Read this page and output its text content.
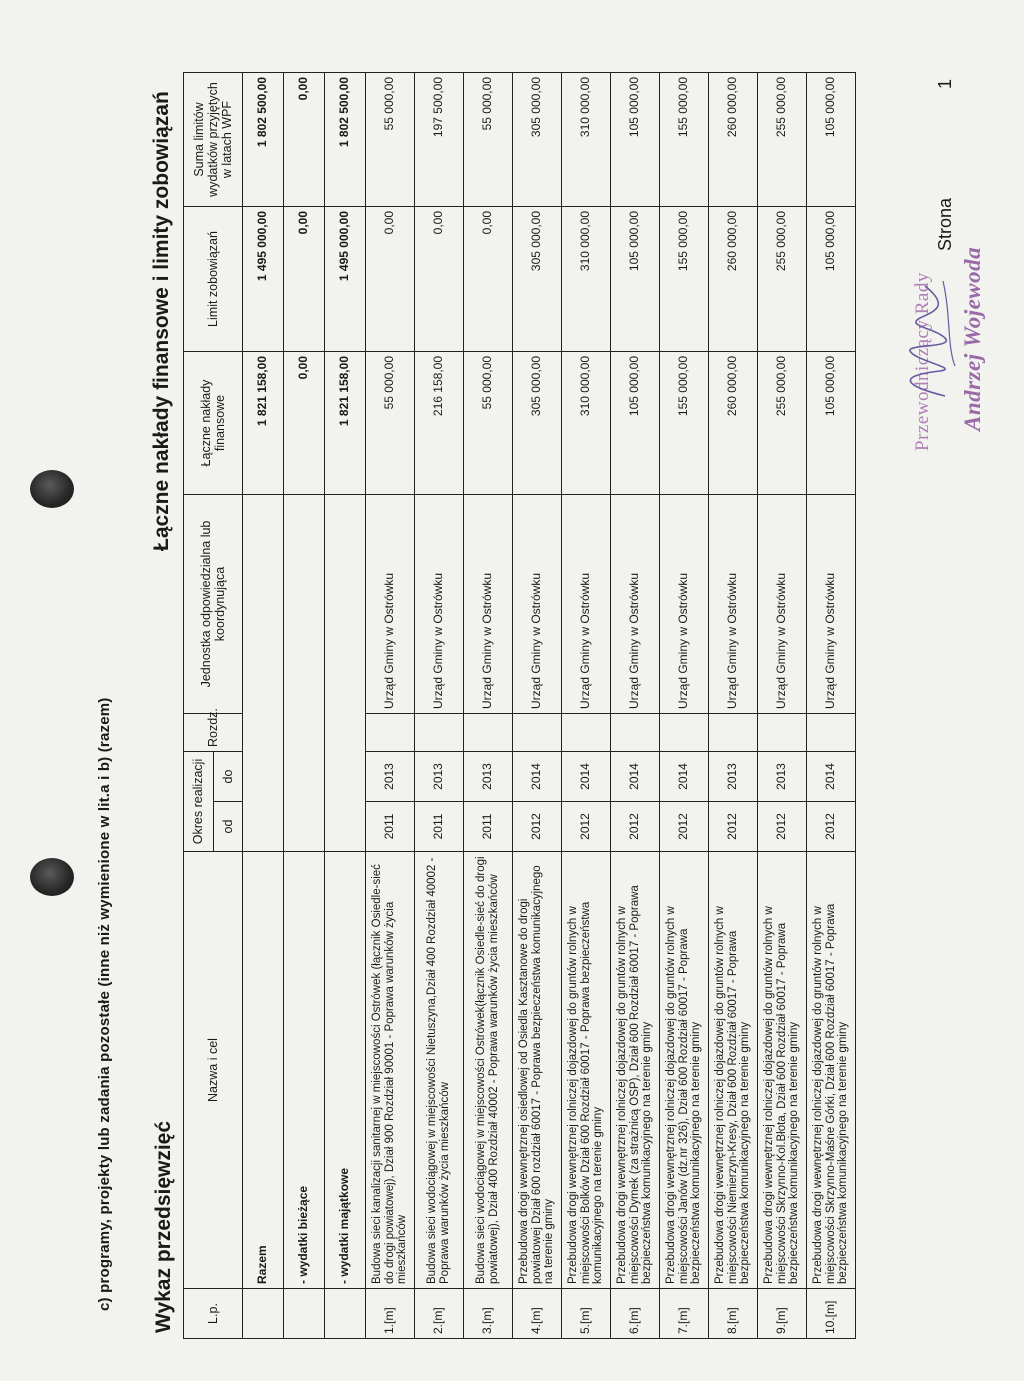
c) programy, projekty lub zadania pozostałe (inne niż wymienione w lit.a i b) (razem) Wykaz przedsięwzięć
Łączne nakłady finansowe i limity zobowiązań
L.p.	Nazwa i cel	Okres realizacji		Rozdz.	Jednostka odpowiedzialna lub koordynująca	Łączne nakłady finansowe	Limit zobowiązań	Suma limitów wydatków przyjętych w latach WPF
		od	do					
	Razem					1 821 158,00	1 495 000,00	1 802 500,00
	- wydatki bieżące					0,00	0,00	0,00
	- wydatki majątkowe					1 821 158,00	1 495 000,00	1 802 500,00
1.[m]	Budowa sieci kanalizacji sanitarnej w miejscowości Ostrówek (łącznik Osiedle-sieć do drogi powiatowej), Dział 900 Rozdział 90001 - Poprawa warunków życia mieszkańców	2011	2013		Urząd Gminy w Ostrówku	55 000,00	0,00	55 000,00
2.[m]	Budowa sieci wodociągowej w miejscowości Nietuszyna,Dział 400 Rozdział 40002 - Poprawa warunków życia mieszkańców	2011	2013		Urząd Gminy w Ostrówku	216 158,00	0,00	197 500,00
3.[m]	Budowa sieci wodociągowej w miejscowości Ostrówek(łącznik Osiedle-sieć do drogi powiatowej), Dział 400 Rozdział 40002 - Poprawa warunków życia mieszkańców	2011	2013		Urząd Gminy w Ostrówku	55 000,00	0,00	55 000,00
4.[m]	Przebudowa drogi wewnętrznej osiedlowej od Osiedla Kasztanowe do drogi powiatowej Dział 600 rozdział 60017 - Poprawa bezpieczeństwa komunikacyjnego na terenie gminy	2012	2014		Urząd Gminy w Ostrówku	305 000,00	305 000,00	305 000,00
5.[m]	Przebudowa drogi wewnętrznej rolniczej dojazdowej do gruntów rolnych w miejscowości Bolków Dział 600 Rozdział 60017 - Poprawa bezpieczeństwa komunikacyjnego na terenie gminy	2012	2014		Urząd Gminy w Ostrówku	310 000,00	310 000,00	310 000,00
6.[m]	Przebudowa drogi wewnętrznej rolniczej dojazdowej do gruntów rolnych w miejscowości Dymek (za strażnicą OSP), Dział 600 Rozdział 60017 - Poprawa bezpieczeństwa komunikacyjnego na terenie gminy	2012	2014		Urząd Gminy w Ostrówku	105 000,00	105 000,00	105 000,00
7.[m]	Przebudowa drogi wewnętrznej rolniczej dojazdowej do gruntów rolnych w miejscowości Janów (dz.nr 326), Dział 600 Rozdział 60017 - Poprawa bezpieczeństwa komunikacyjnego na terenie gminy	2012	2014		Urząd Gminy w Ostrówku	155 000,00	155 000,00	155 000,00
8.[m]	Przebudowa drogi wewnętrznej rolniczej dojazdowej do gruntów rolnych w miejscowości Niemierzyn-Kresy, Dział 600 Rozdział 60017 - Poprawa bezpieczeństwa komunikacyjnego na terenie gminy	2012	2013		Urząd Gminy w Ostrówku	260 000,00	260 000,00	260 000,00
9.[m]	Przebudowa drogi wewnętrznej rolniczej dojazdowej do gruntów rolnych w miejscowości Skrzynno-Kol.Błota, Dział 600 Rozdział 60017 - Poprawa bezpieczeństwa komunikacyjnego na terenie gminy	2012	2013		Urząd Gminy w Ostrówku	255 000,00	255 000,00	255 000,00
10.[m]	Przebudowa drogi wewnętrznej rolniczej dojazdowej do gruntów rolnych w miejscowości Skrzynno-Maśne Górki, Dział 600 Rozdział 60017 - Poprawa bezpieczeństwa komunikacyjnego na terenie gminy	2012	2014		Urząd Gminy w Ostrówku	105 000,00	105 000,00	105 000,00
Przewodniczący Rady Andrzej Wojewoda
Strona
1
